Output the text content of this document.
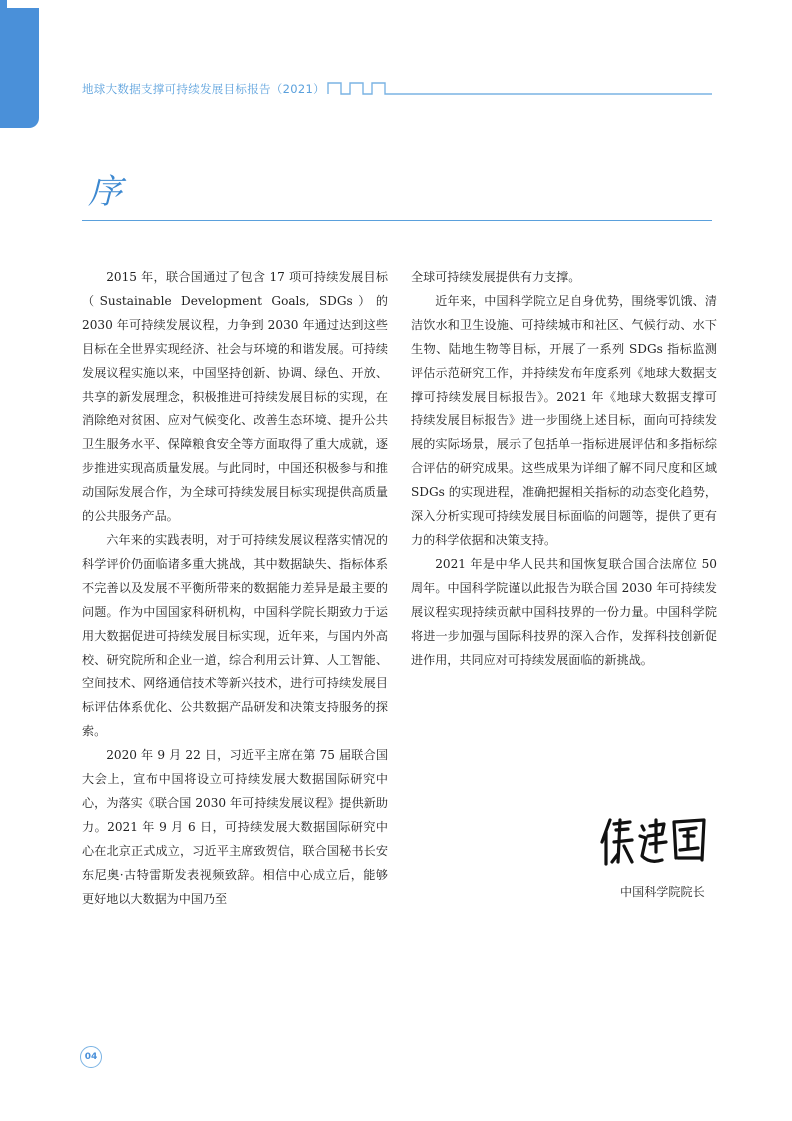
地球大数据支撑可持续发展目标报告（2021）
序

2015 年，联合国通过了包含 17 项可持续发展目标（Sustainable Development Goals, SDGs）的 2030 年可持续发展议程，力争到 2030 年通过达到这些目标在全世界实现经济、社会与环境的和谐发展。可持续发展议程实施以来，中国坚持创新、协调、绿色、开放、共享的新发展理念，积极推进可持续发展目标的实现，在消除绝对贫困、应对气候变化、改善生态环境、提升公共卫生服务水平、保障粮食安全等方面取得了重大成就，逐步推进实现高质量发展。与此同时，中国还积极参与和推动国际发展合作，为全球可持续发展目标实现提供高质量的公共服务产品。

六年来的实践表明，对于可持续发展议程落实情况的科学评价仍面临诸多重大挑战，其中数据缺失、指标体系不完善以及发展不平衡所带来的数据能力差异是最主要的问题。作为中国国家科研机构，中国科学院长期致力于运用大数据促进可持续发展目标实现，近年来，与国内外高校、研究院所和企业一道，综合利用云计算、人工智能、空间技术、网络通信技术等新兴技术，进行可持续发展目标评估体系优化、公共数据产品研发和决策支持服务的探索。

2020 年 9 月 22 日，习近平主席在第 75 届联合国大会上，宣布中国将设立可持续发展大数据国际研究中心，为落实《联合国 2030 年可持续发展议程》提供新助力。2021 年 9 月 6 日，可持续发展大数据国际研究中心在北京正式成立，习近平主席致贺信，联合国秘书长安东尼奥·古特雷斯发表视频致辞。相信中心成立后，能够更好地以大数据为中国乃至

全球可持续发展提供有力支撑。

近年来，中国科学院立足自身优势，围绕零饥饿、清洁饮水和卫生设施、可持续城市和社区、气候行动、水下生物、陆地生物等目标，开展了一系列 SDGs 指标监测评估示范研究工作，并持续发布年度系列《地球大数据支撑可持续发展目标报告》。2021 年《地球大数据支撑可持续发展目标报告》进一步围绕上述目标，面向可持续发展的实际场景，展示了包括单一指标进展评估和多指标综合评估的研究成果。这些成果为详细了解不同尺度和区域 SDGs 的实现进程，准确把握相关指标的动态变化趋势，深入分析实现可持续发展目标面临的问题等，提供了更有力的科学依据和决策支持。

2021 年是中华人民共和国恢复联合国合法席位 50 周年。中国科学院谨以此报告为联合国 2030 年可持续发展议程实现持续贡献中国科技界的一份力量。中国科学院将进一步加强与国际科技界的深入合作，发挥科技创新促进作用，共同应对可持续发展面临的新挑战。

中国科学院院长
04
